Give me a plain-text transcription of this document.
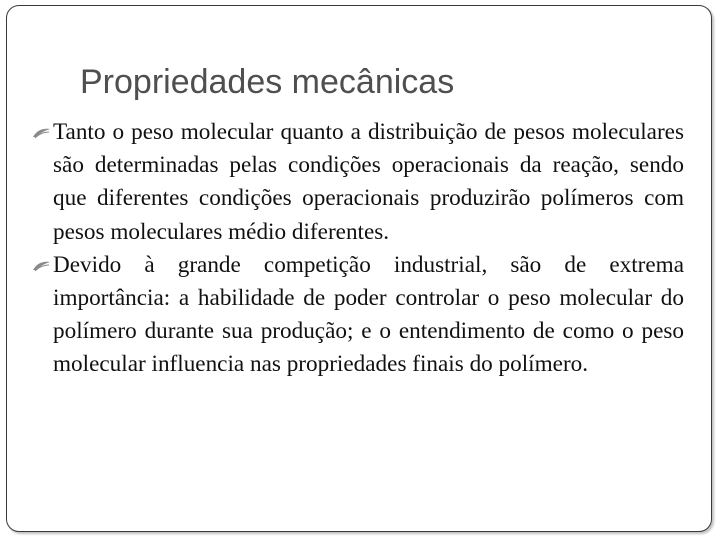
Propriedades mecânicas
Tanto o peso molecular quanto a distribuição de pesos moleculares são determinadas pelas condições operacionais da reação, sendo que diferentes condições operacionais produzirão polímeros com pesos moleculares médio diferentes.
Devido à grande competição industrial, são de extrema importância: a habilidade de poder controlar o peso molecular do polímero durante sua produção; e o entendimento de como o peso molecular influencia nas propriedades finais do polímero.
